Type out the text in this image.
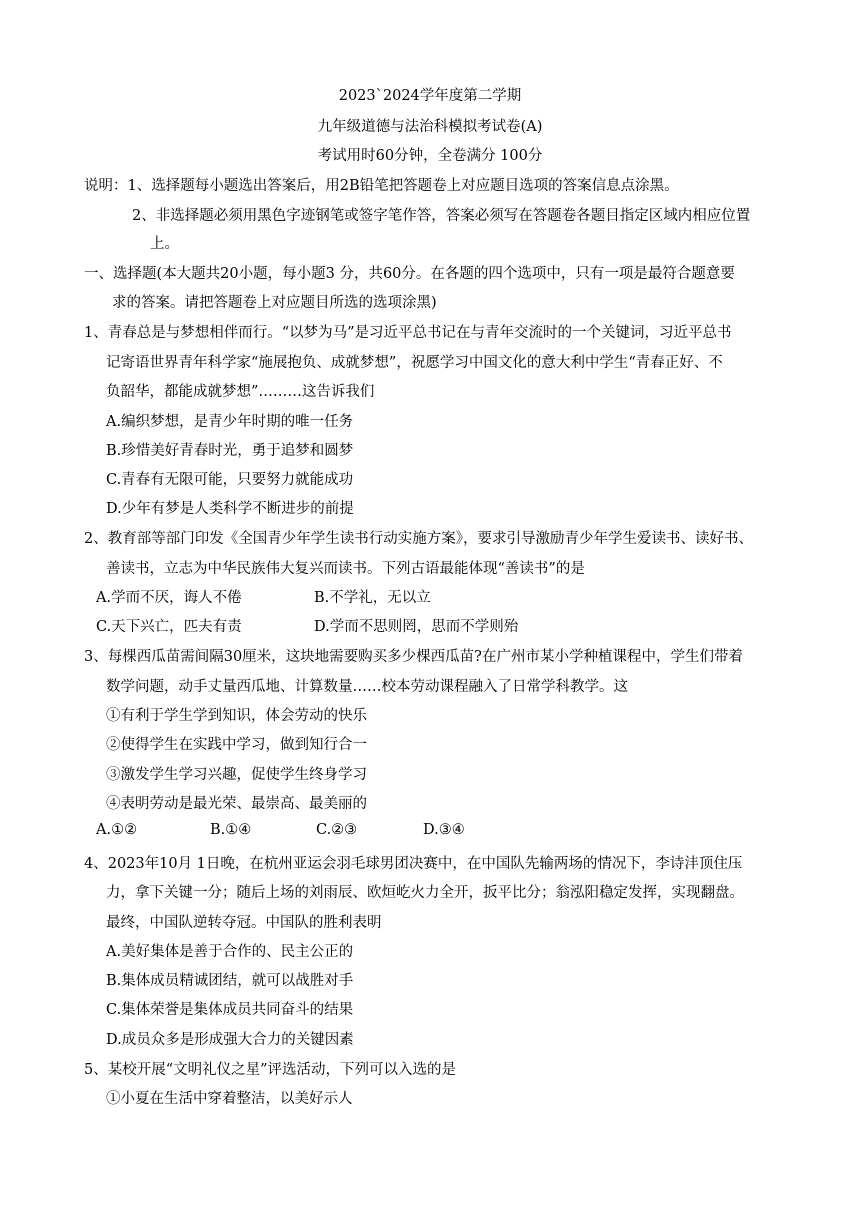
2023`2024学年度第二学期
九年级道德与法治科模拟考试卷(A)
考试用时60分钟，全卷满分 100分
说明：1、选择题每小题选出答案后，用2B铅笔把答题卷上对应题目选项的答案信息点涂黑。
2、非选择题必须用黑色字迹钢笔或签字笔作答，答案必须写在答题卷各题目指定区域内相应位置
上。
一、选择题(本大题共20小题，每小题3 分，共60分。在各题的四个选项中，只有一项是最符合题意要
求的答案。请把答题卷上对应题目所选的选项涂黑)
1、青春总是与梦想相伴而行。“以梦为马”是习近平总书记在与青年交流时的一个关键词，习近平总书
记寄语世界青年科学家“施展抱负、成就梦想”，祝愿学习中国文化的意大利中学生“青春正好、不
负韶华，都能成就梦想”………这告诉我们
A.编织梦想，是青少年时期的唯一任务
B.珍惜美好青春时光，勇于追梦和圆梦
C.青春有无限可能，只要努力就能成功
D.少年有梦是人类科学不断进步的前提
2、教育部等部门印发《全国青少年学生读书行动实施方案》，要求引导激励青少年学生爱读书、读好书、
善读书，立志为中华民族伟大复兴而读书。下列古语最能体现“善读书”的是
A.学而不厌，诲人不倦	B.不学礼，无以立
C.天下兴亡，匹夫有责	D.学而不思则罔，思而不学则殆
3、每棵西瓜苗需间隔30厘米，这块地需要购买多少棵西瓜苗?在广州市某小学种植课程中，学生们带着
数学问题，动手丈量西瓜地、计算数量……校本劳动课程融入了日常学科教学。这
①有利于学生学到知识，体会劳动的快乐
②使得学生在实践中学习，做到知行合一
③激发学生学习兴趣，促使学生终身学习
④表明劳动是最光荣、最崇高、最美丽的
A.①②	B.①④	C.②③	D.③④
4、2023年10月 1日晚，在杭州亚运会羽毛球男团决赛中，在中国队先输两场的情况下，李诗沣顶住压
力，拿下关键一分；随后上场的刘雨辰、欧烜屹火力全开，扳平比分；翁泓阳稳定发挥，实现翻盘。
最终，中国队逆转夺冠。中国队的胜利表明
A.美好集体是善于合作的、民主公正的
B.集体成员精诚团结，就可以战胜对手
C.集体荣誉是集体成员共同奋斗的结果
D.成员众多是形成强大合力的关键因素
5、某校开展“文明礼仪之星”评选活动，下列可以入选的是
①小夏在生活中穿着整洁，以美好示人
